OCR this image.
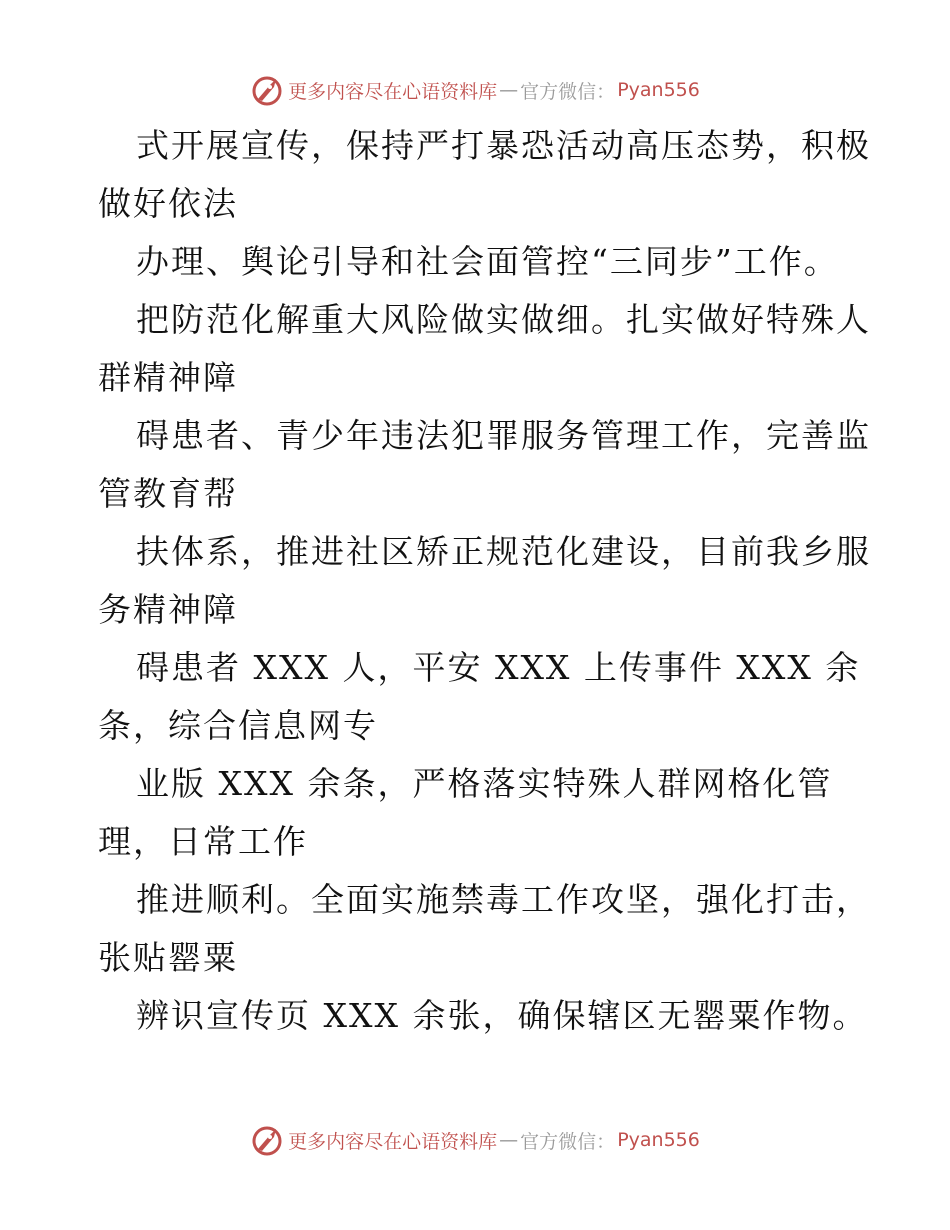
更多内容尽在心语资料库 — 官方微信： Pyan556
式开展宣传，保持严打暴恐活动高压态势，积极
做好依法
办理、舆论引导和社会面管控“三同步”工作。
把防范化解重大风险做实做细。扎实做好特殊人
群精神障
碍患者、青少年违法犯罪服务管理工作，完善监
管教育帮
扶体系，推进社区矫正规范化建设，目前我乡服
务精神障
碍患者 XXX 人，平安 XXX 上传事件 XXX 余
条，综合信息网专
业版 XXX 余条，严格落实特殊人群网格化管
理，日常工作
推进顺利。全面实施禁毒工作攻坚，强化打击，
张贴罂粟
辨识宣传页 XXX 余张，确保辖区无罂粟作物。
更多内容尽在心语资料库 — 官方微信： Pyan556
